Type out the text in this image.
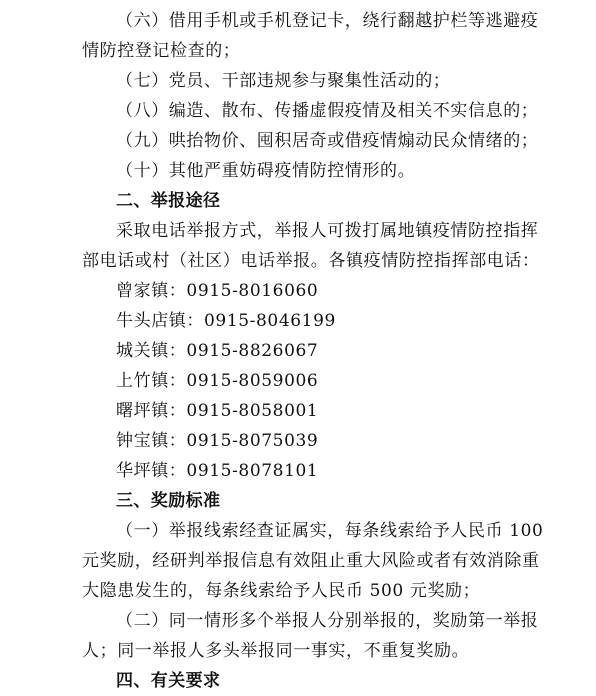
（六）借用手机或手机登记卡，绕行翻越护栏等逃避疫
情防控登记检查的；
（七）党员、干部违规参与聚集性活动的；
（八）编造、散布、传播虚假疫情及相关不实信息的；
（九）哄抬物价、囤积居奇或借疫情煽动民众情绪的；
（十）其他严重妨碍疫情防控情形的。
二、举报途径
采取电话举报方式，举报人可拨打属地镇疫情防控指挥
部电话或村（社区）电话举报。各镇疫情防控指挥部电话：
曾家镇：0915-8016060
牛头店镇：0915-8046199
城关镇：0915-8826067
上竹镇：0915-8059006
曙坪镇：0915-8058001
钟宝镇：0915-8075039
华坪镇：0915-8078101
三、奖励标准
（一）举报线索经查证属实，每条线索给予人民币 100
元奖励，经研判举报信息有效阻止重大风险或者有效消除重
大隐患发生的，每条线索给予人民币 500 元奖励；
（二）同一情形多个举报人分别举报的，奖励第一举报
人；同一举报人多头举报同一事实，不重复奖励。
四、有关要求
